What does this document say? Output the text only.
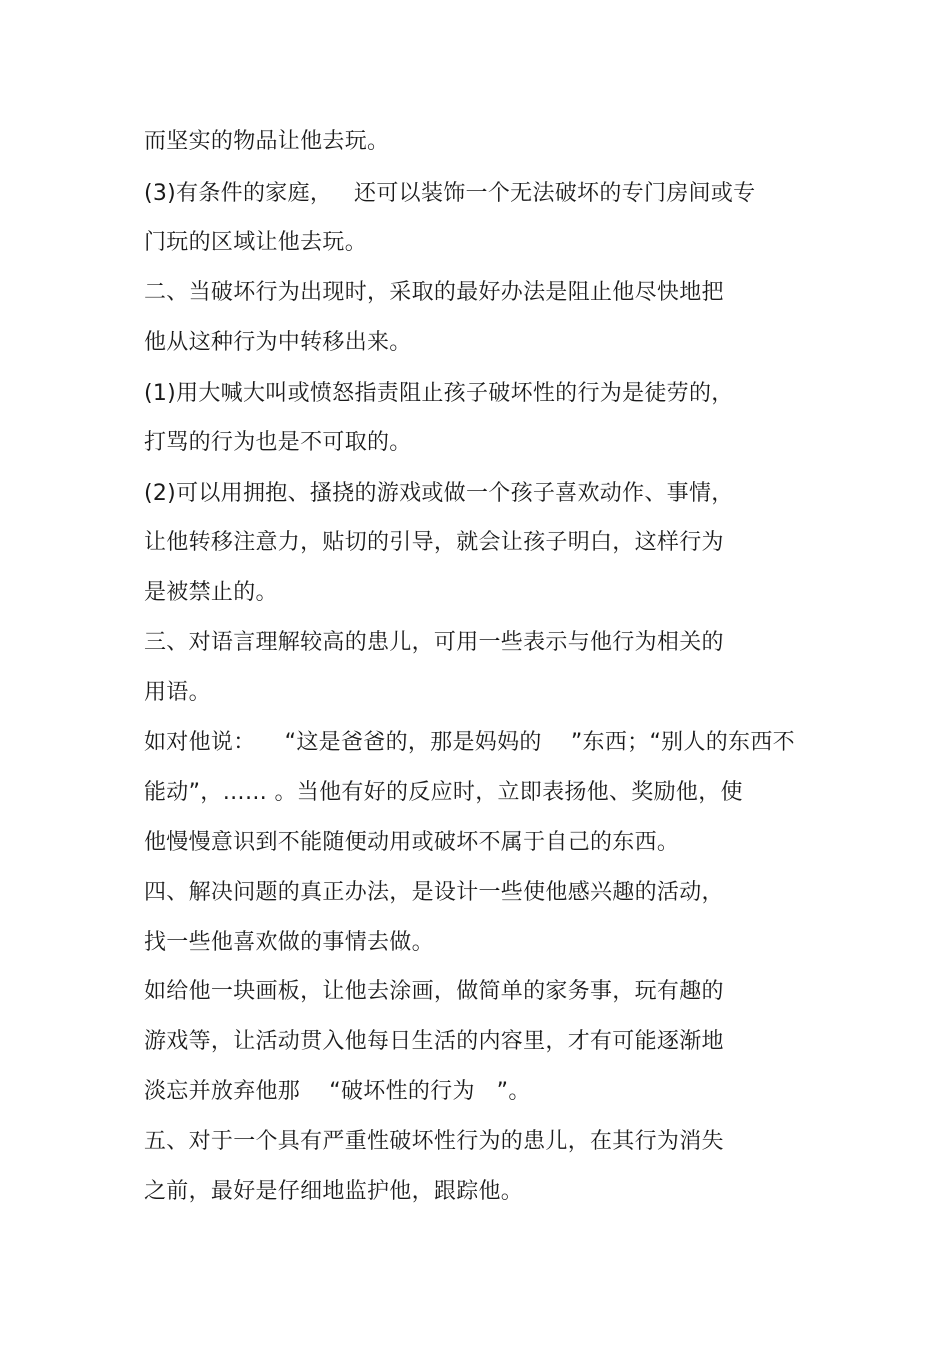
而坚实的物品让他去玩。
(3)有条件的家庭，   还可以装饰一个无法破坏的专门房间或专
门玩的区域让他去玩。
二、当破坏行为出现时，采取的最好办法是阻止他尽快地把
他从这种行为中转移出来。
(1)用大喊大叫或愤怒指责阻止孩子破坏性的行为是徒劳的，
打骂的行为也是不可取的。
(2)可以用拥抱、搔挠的游戏或做一个孩子喜欢动作、事情，
让他转移注意力，贴切的引导，就会让孩子明白，这样行为
是被禁止的。
三、对语言理解较高的患儿，可用一些表示与他行为相关的
用语。
如对他说：    “这是爸爸的，那是妈妈的    ”东西；“别人的东西不
能动”，…… 。当他有好的反应时，立即表扬他、奖励他，使
他慢慢意识到不能随便动用或破坏不属于自己的东西。
四、解决问题的真正办法，是设计一些使他感兴趣的活动，
找一些他喜欢做的事情去做。
如给他一块画板，让他去涂画，做简单的家务事，玩有趣的
游戏等，让活动贯入他每日生活的内容里，才有可能逐渐地
淡忘并放弃他那    “破坏性的行为   ”。
五、对于一个具有严重性破坏性行为的患儿，在其行为消失
之前，最好是仔细地监护他，跟踪他。
